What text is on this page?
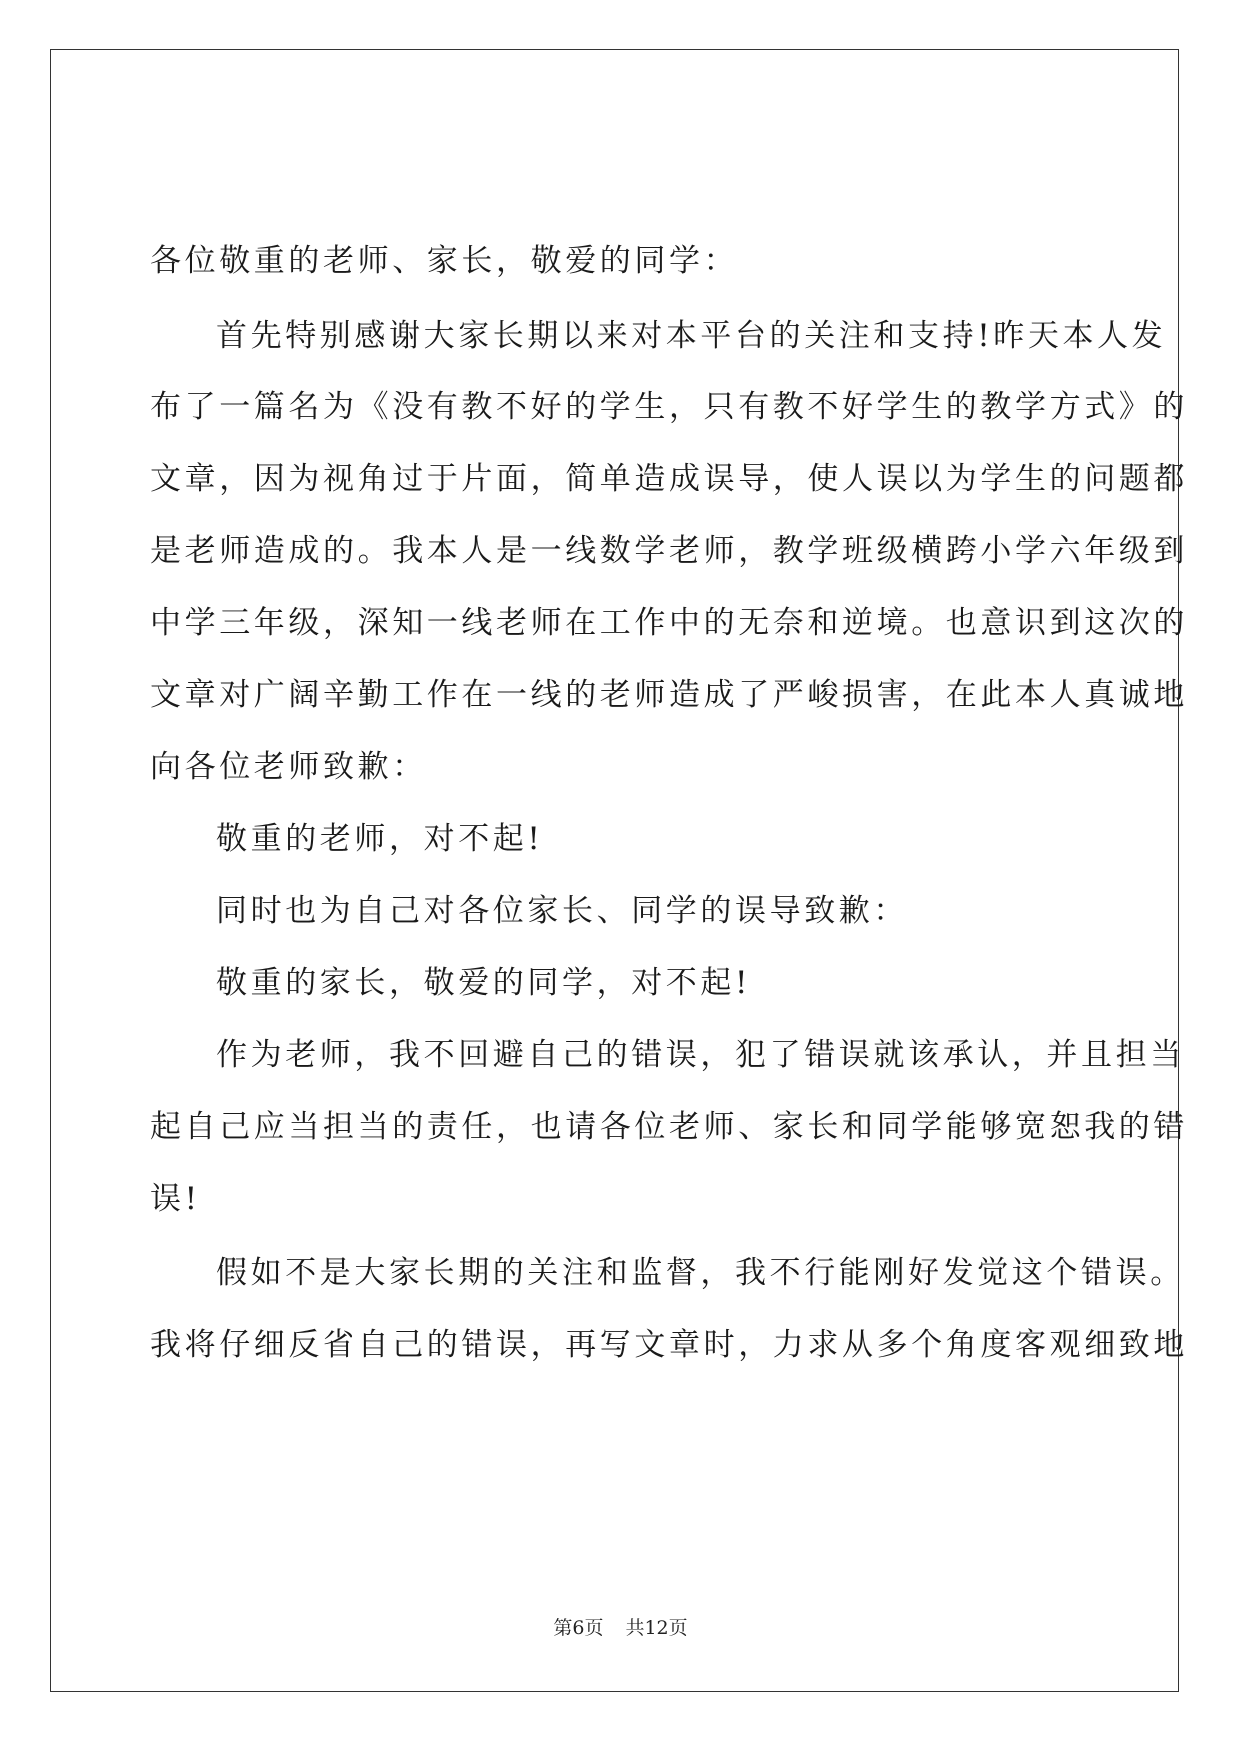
各位敬重的老师、家长，敬爱的同学：
首先特别感谢大家长期以来对本平台的关注和支持!昨天本人发
布了一篇名为《没有教不好的学生，只有教不好学生的教学方式》的
文章，因为视角过于片面，简单造成误导，使人误以为学生的问题都
是老师造成的。我本人是一线数学老师，教学班级横跨小学六年级到
中学三年级，深知一线老师在工作中的无奈和逆境。也意识到这次的
文章对广阔辛勤工作在一线的老师造成了严峻损害，在此本人真诚地
向各位老师致歉：
敬重的老师，对不起!
同时也为自己对各位家长、同学的误导致歉：
敬重的家长，敬爱的同学，对不起!
作为老师，我不回避自己的错误，犯了错误就该承认，并且担当
起自己应当担当的责任，也请各位老师、家长和同学能够宽恕我的错
误!
假如不是大家长期的关注和监督，我不行能刚好发觉这个错误。
我将仔细反省自己的错误，再写文章时，力求从多个角度客观细致地
第6页 共12页
